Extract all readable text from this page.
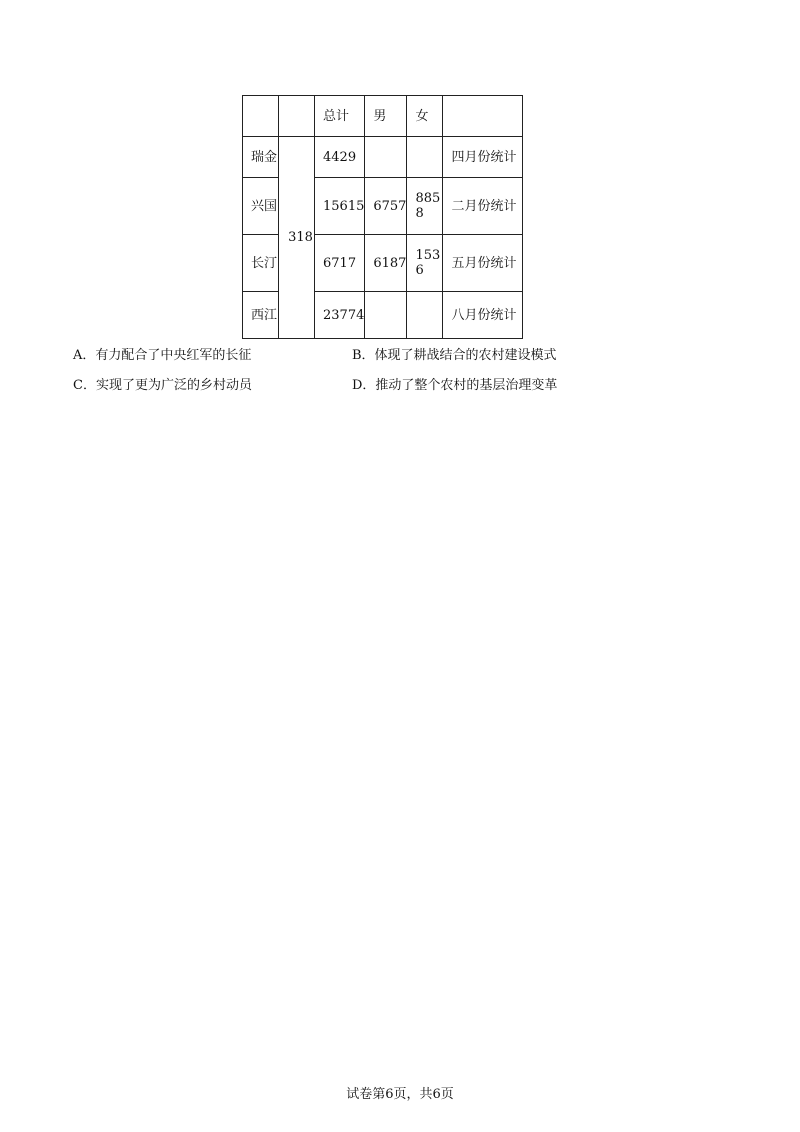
		总计	男	女	
瑞金	318	4429			四月份统计
兴国		15615	6757	8858	二月份统计
长汀		6717	6187	1536	五月份统计
西江		23774			八月份统计
A．有力配合了中央红军的长征	B．体现了耕战结合的农村建设模式
C．实现了更为广泛的乡村动员	D．推动了整个农村的基层治理变革
试卷第6页，共6页
